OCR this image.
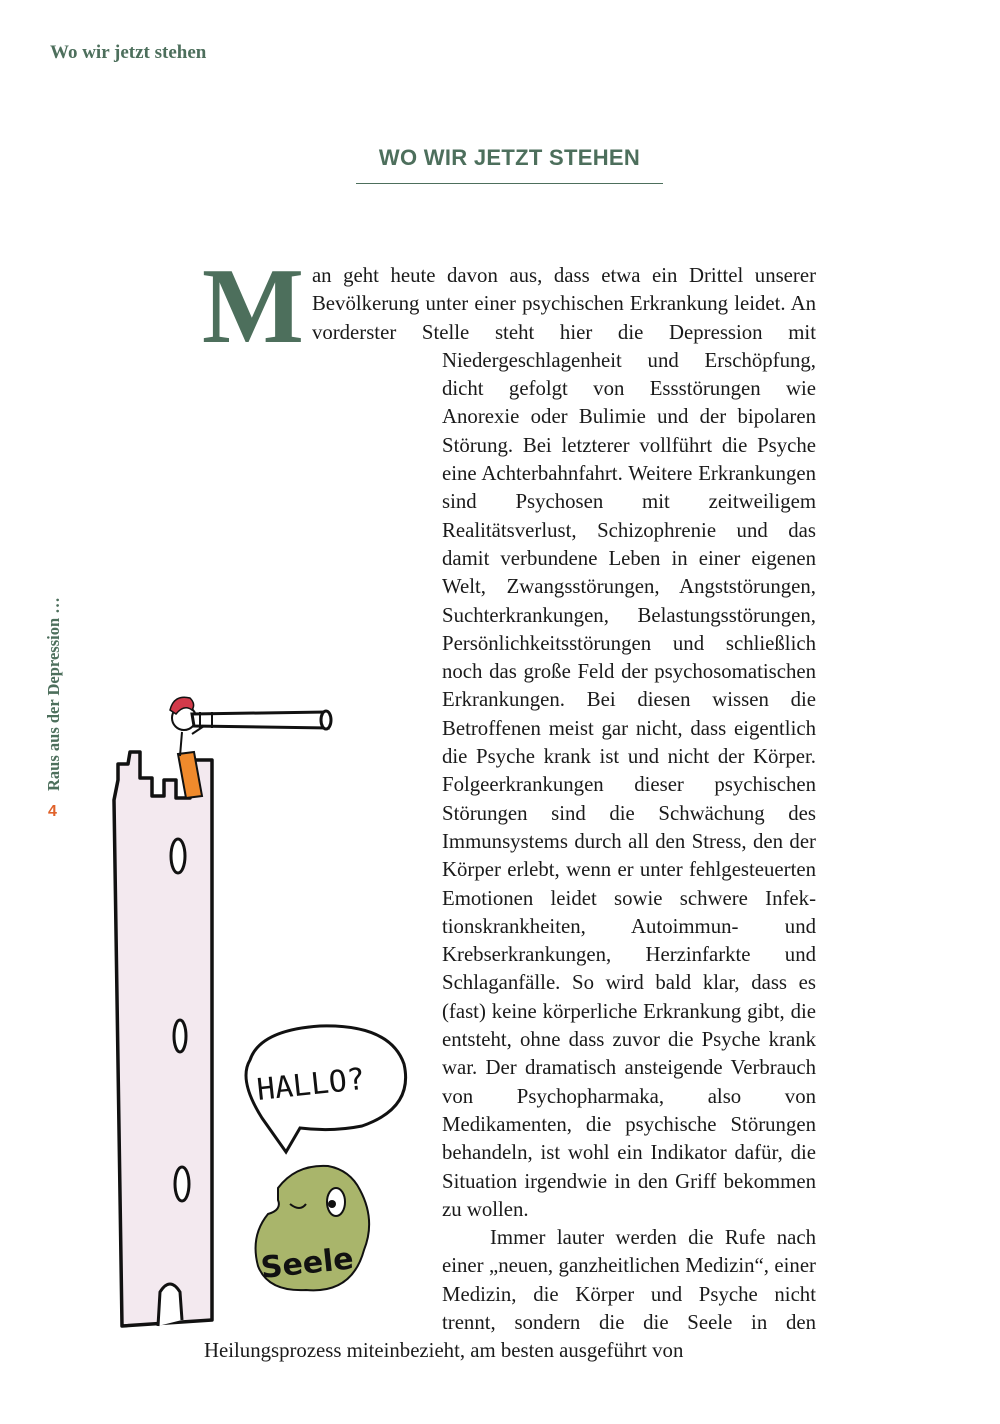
Wo wir jetzt stehen
WO WIR JETZT STEHEN
Raus aus der Depression …
4

M an geht heute davon aus, dass etwa ein Drittel unserer Bevölkerung unter einer psychischen Erkrankung leidet. An vorderster Stelle steht hier die Depression mit Niedergeschlagenheit und Erschöpfung, dicht gefolgt von Essstörungen wie Anorexie oder Bulimie und der bipolaren Störung. Bei letzterer vollführt die Psyche eine Achterbahnfahrt. Weitere Erkrankungen sind Psychosen mit zeitweiligem Realitätsverlust, Schizophrenie und das damit verbundene Leben in einer eigenen Welt, Zwangsstörungen, Angststörungen, Suchterkrankungen, Belastungsstörungen, Persönlichkeitsstörungen und schließlich noch das große Feld der psychosomatischen Erkrankungen. Bei diesen wissen die Betroffenen meist gar nicht, dass eigentlich die Psyche krank ist und nicht der Körper. Folgeerkrankungen dieser psychischen Störungen sind die Schwächung des Immunsystems durch all den Stress, den der Körper erlebt, wenn er unter fehlgesteuerten Emotionen leidet sowie schwere Infektionskrankheiten, Autoimmun- und Krebserkrankungen, Herzinfarkte und Schlaganfälle. So wird bald klar, dass es (fast) keine körperliche Erkrankung gibt, die entsteht, ohne dass zuvor die Psyche krank war. Der dramatisch ansteigende Verbrauch von Psychopharmaka, also von Medikamenten, die psychische Störungen behandeln, ist wohl ein Indikator dafür, die Situation irgendwie in den Griff bekommen zu wollen.

Immer lauter werden die Rufe nach einer „neuen, ganzheitlichen Medizin“, einer Medizin, die Körper und Psyche nicht trennt, sondern die die Seele in den Heilungsprozess miteinbezieht, am besten ausgeführt von

HALLO?
Seele
